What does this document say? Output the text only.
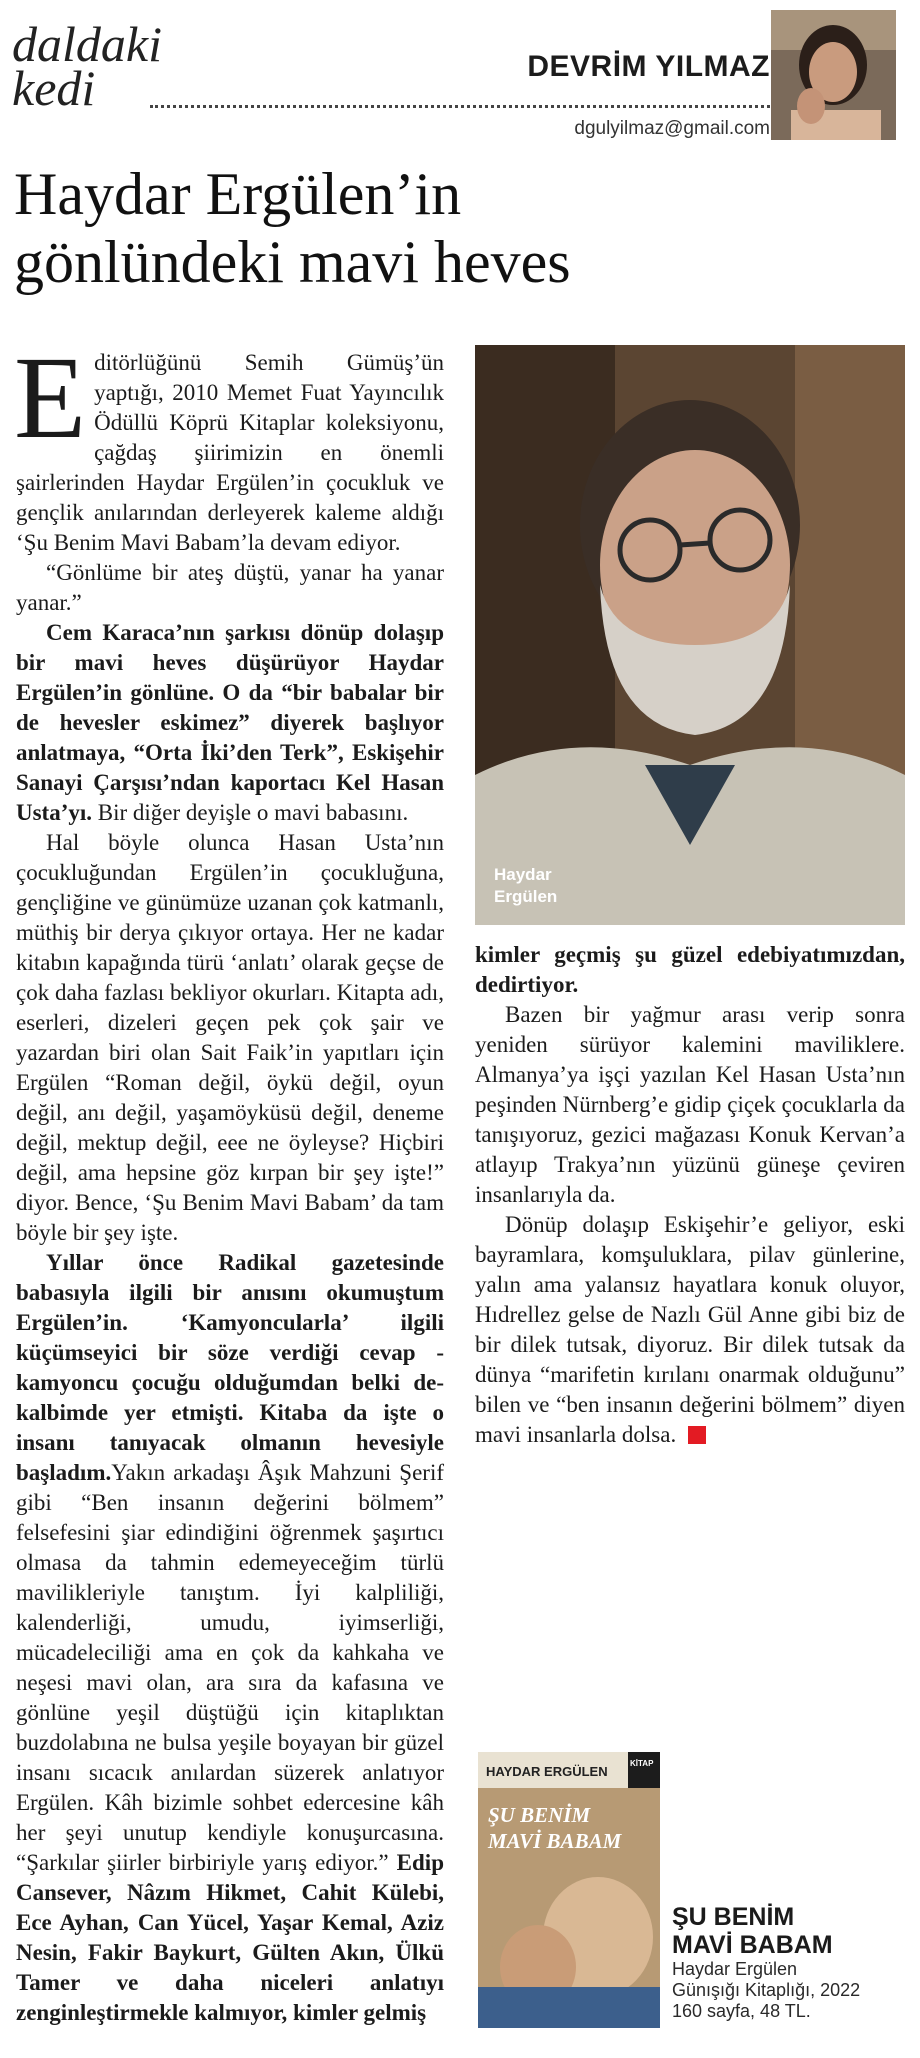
daldaki
kedi	DEVRİM YILMAZ
dgulyilmaz@gmail.com
Haydar Ergülen’in
gönlündeki mavi heves
Haydar
Ergülen

Editörlüğünü Semih Gümüş’ün yaptığı, 2010 Memet Fuat Yayıncılık Ödüllü Köprü Kitaplar koleksiyonu, çağdaş şiirimizin en önemli şairlerinden Haydar Ergülen’in çocukluk ve gençlik anılarından derleyerek kaleme aldığı ‘Şu Benim Mavi Babam’la devam ediyor.

“Gönlüme bir ateş düştü, yanar ha yanar yanar.”

Cem Karaca’nın şarkısı dönüp dolaşıp bir mavi heves düşürüyor Haydar Ergülen’in gönlüne. O da “bir babalar bir de hevesler eskimez” diyerek başlıyor anlatmaya, “Orta İki’den Terk”, Eskişehir Sanayi Çarşısı’ndan kaportacı Kel Hasan Usta’yı. Bir diğer deyişle o mavi babasını.

Hal böyle olunca Hasan Usta’nın çocukluğundan Ergülen’in çocukluğuna, gençliğine ve günümüze uzanan çok katmanlı, müthiş bir derya çıkıyor ortaya. Her ne kadar kitabın kapağında türü ‘anlatı’ olarak geçse de çok daha fazlası bekliyor okurları. Kitapta adı, eserleri, dizeleri geçen pek çok şair ve yazardan biri olan Sait Faik’in yapıtları için Ergülen “Roman değil, öykü değil, oyun değil, anı değil, yaşamöyküsü değil, deneme değil, mektup değil, eee ne öyleyse? Hiçbiri değil, ama hepsine göz kırpan bir şey işte!” diyor. Bence, ‘Şu Benim Mavi Babam’ da tam böyle bir şey işte.

Yıllar önce Radikal gazetesinde babasıyla ilgili bir anısını okumuştum Ergülen’in. ‘Kamyoncularla’ ilgili küçümseyici bir söze verdiği cevap -kamyoncu çocuğu olduğumdan belki de- kalbimde yer etmişti. Kitaba da işte o insanı tanıyacak olmanın hevesiyle başladım.Yakın arkadaşı Âşık Mahzuni Şerif gibi “Ben insanın değerini bölmem” felsefesini şiar edindiğini öğrenmek şaşırtıcı olmasa da tahmin edemeyeceğim türlü mavilikleriyle tanıştım. İyi kalpliliği, kalenderliği, umudu, iyimserliği, mücadeleciliği ama en çok da kahkaha ve neşesi mavi olan, ara sıra da kafasına ve gönlüne yeşil düştüğü için kitaplıktan buzdolabına ne bulsa yeşile boyayan bir güzel insanı sıcacık anılardan süzerek anlatıyor Ergülen. Kâh bizimle sohbet edercesine kâh her şeyi unutup kendiyle konuşurcasına. “Şarkılar şiirler birbiriyle yarış ediyor.” Edip Cansever, Nâzım Hikmet, Cahit Külebi, Ece Ayhan, Can Yücel, Yaşar Kemal, Aziz Nesin, Fakir Baykurt, Gülten Akın, Ülkü Tamer ve daha niceleri anlatıyı zenginleştirmekle kalmıyor, kimler gelmiş

kimler geçmiş şu güzel edebiyatımızdan, dedirtiyor.

Bazen bir yağmur arası verip sonra yeniden sürüyor kalemini maviliklere. Almanya’ya işçi yazılan Kel Hasan Usta’nın peşinden Nürnberg’e gidip çiçek çocuklarla da tanışıyoruz, gezici mağazası Konuk Kervan’a atlayıp Trakya’nın yüzünü güneşe çeviren insanlarıyla da.

Dönüp dolaşıp Eskişehir’e geliyor, eski bayramlara, komşuluklara, pilav günlerine, yalın ama yalansız hayatlara konuk oluyor, Hıdrellez gelse de Nazlı Gül Anne gibi biz de bir dilek tutsak, diyoruz. Bir dilek tutsak da dünya “marifetin kırılanı onarmak olduğunu” bilen ve “ben insanın değerini bölmem” diyen mavi insanlarla dolsa.

HAYDAR ERGÜLEN
KİTAP
ŞU BENİM
MAVİ BABAM
ŞU BENİM
MAVİ BABAM
Haydar Ergülen
Günışığı Kitaplığı, 2022
160 sayfa, 48 TL.
